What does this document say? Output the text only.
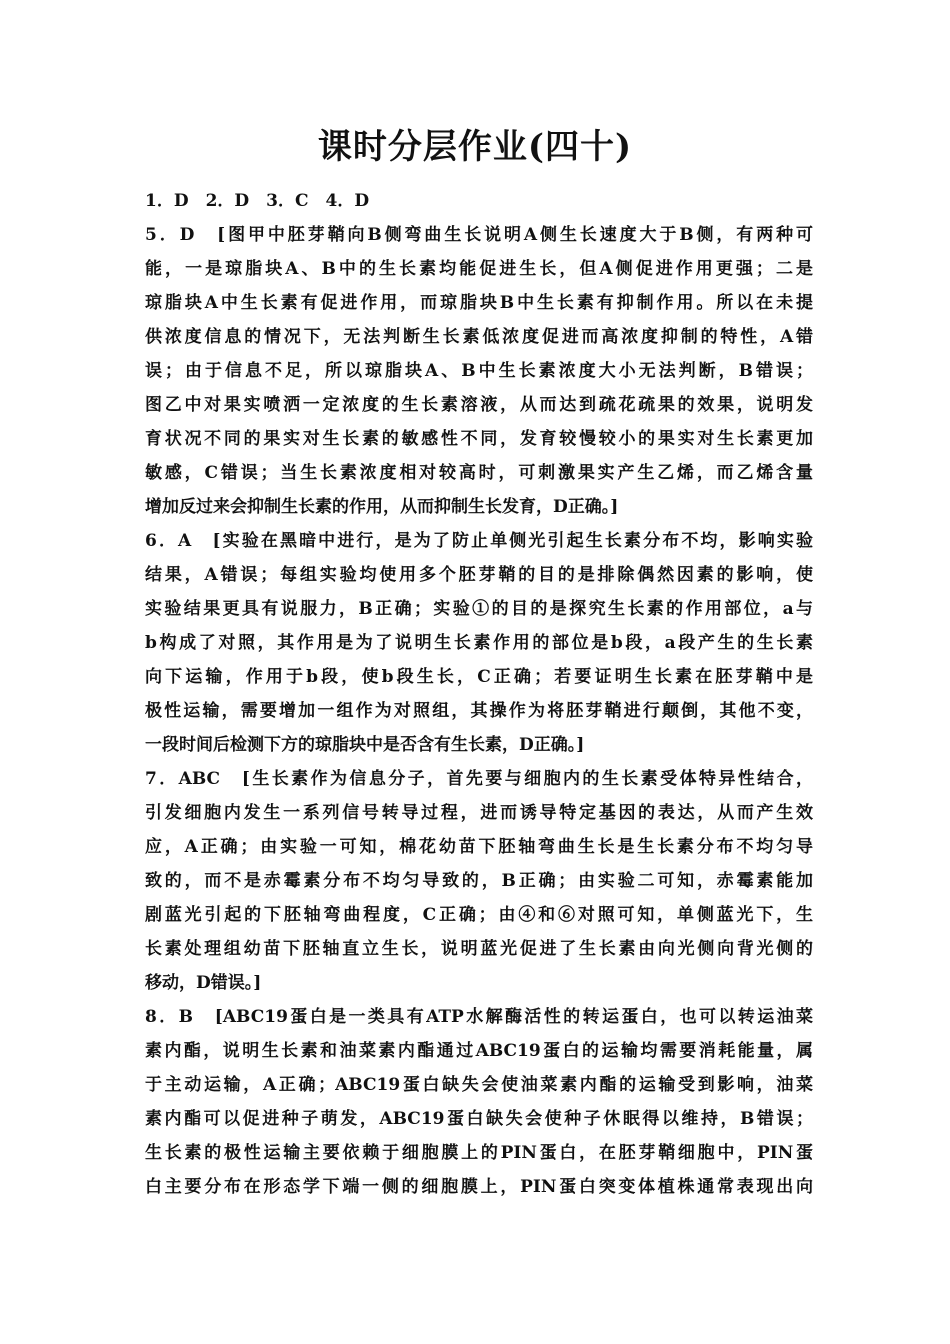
课时分层作业(四十)
1．D　2．D　3．C　4．D
5．D　[图甲中胚芽鞘向B侧弯曲生长说明A侧生长速度大于B侧，有两种可
能，一是琼脂块A、B中的生长素均能促进生长，但A侧促进作用更强；二是
琼脂块A中生长素有促进作用，而琼脂块B中生长素有抑制作用。所以在未提
供浓度信息的情况下，无法判断生长素低浓度促进而高浓度抑制的特性，A错
误；由于信息不足，所以琼脂块A、B中生长素浓度大小无法判断，B错误；
图乙中对果实喷洒一定浓度的生长素溶液，从而达到疏花疏果的效果，说明发
育状况不同的果实对生长素的敏感性不同，发育较慢较小的果实对生长素更加
敏感，C错误；当生长素浓度相对较高时，可刺激果实产生乙烯，而乙烯含量
增加反过来会抑制生长素的作用，从而抑制生长发育，D正确。]
6．A　[实验在黑暗中进行，是为了防止单侧光引起生长素分布不均，影响实验
结果，A错误；每组实验均使用多个胚芽鞘的目的是排除偶然因素的影响，使
实验结果更具有说服力，B正确；实验①的目的是探究生长素的作用部位，a与
b构成了对照，其作用是为了说明生长素作用的部位是b段，a段产生的生长素
向下运输，作用于b段，使b段生长，C正确；若要证明生长素在胚芽鞘中是
极性运输，需要增加一组作为对照组，其操作为将胚芽鞘进行颠倒，其他不变，
一段时间后检测下方的琼脂块中是否含有生长素，D正确。]
7．ABC　[生长素作为信息分子，首先要与细胞内的生长素受体特异性结合，
引发细胞内发生一系列信号转导过程，进而诱导特定基因的表达，从而产生效
应，A正确；由实验一可知，棉花幼苗下胚轴弯曲生长是生长素分布不均匀导
致的，而不是赤霉素分布不均匀导致的，B正确；由实验二可知，赤霉素能加
剧蓝光引起的下胚轴弯曲程度，C正确；由④和⑥对照可知，单侧蓝光下，生
长素处理组幼苗下胚轴直立生长，说明蓝光促进了生长素由向光侧向背光侧的
移动，D错误。]
8．B　[ABC19蛋白是一类具有ATP水解酶活性的转运蛋白，也可以转运油菜
素内酯，说明生长素和油菜素内酯通过ABC19蛋白的运输均需要消耗能量，属
于主动运输，A正确；ABC19蛋白缺失会使油菜素内酯的运输受到影响，油菜
素内酯可以促进种子萌发，ABC19蛋白缺失会使种子休眠得以维持，B错误；
生长素的极性运输主要依赖于细胞膜上的PIN蛋白，在胚芽鞘细胞中，PIN蛋
白主要分布在形态学下端一侧的细胞膜上，PIN蛋白突变体植株通常表现出向
